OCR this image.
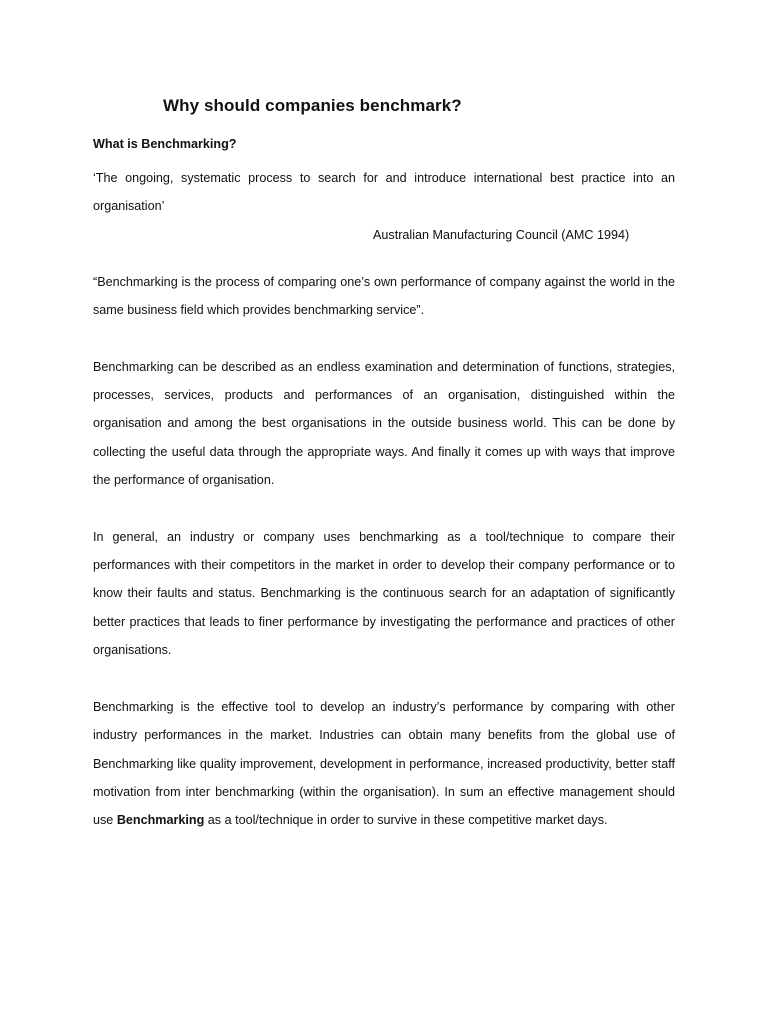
Why should companies benchmark?

What is Benchmarking?

‘The ongoing, systematic process to search for and introduce international best practice into an organisation’

Australian Manufacturing Council (AMC 1994)

“Benchmarking is the process of comparing one’s own performance of company against the world in the same business field which provides benchmarking service”.

Benchmarking can be described as an endless examination and determination of functions, strategies, processes, services, products and performances of an organisation, distinguished within the organisation and among the best organisations in the outside business world. This can be done by collecting the useful data through the appropriate ways. And finally it comes up with ways that improve the performance of organisation.

In general, an industry or company uses benchmarking as a tool/technique to compare their performances with their competitors in the market in order to develop their company performance or to know their faults and status. Benchmarking is the continuous search for an adaptation of significantly better practices that leads to finer performance by investigating the performance and practices of other organisations.

Benchmarking is the effective tool to develop an industry’s performance by comparing with other industry performances in the market. Industries can obtain many benefits from the global use of Benchmarking like quality improvement, development in performance, increased productivity, better staff motivation from inter benchmarking (within the organisation). In sum an effective management should use Benchmarking as a tool/technique in order to survive in these competitive market days.
